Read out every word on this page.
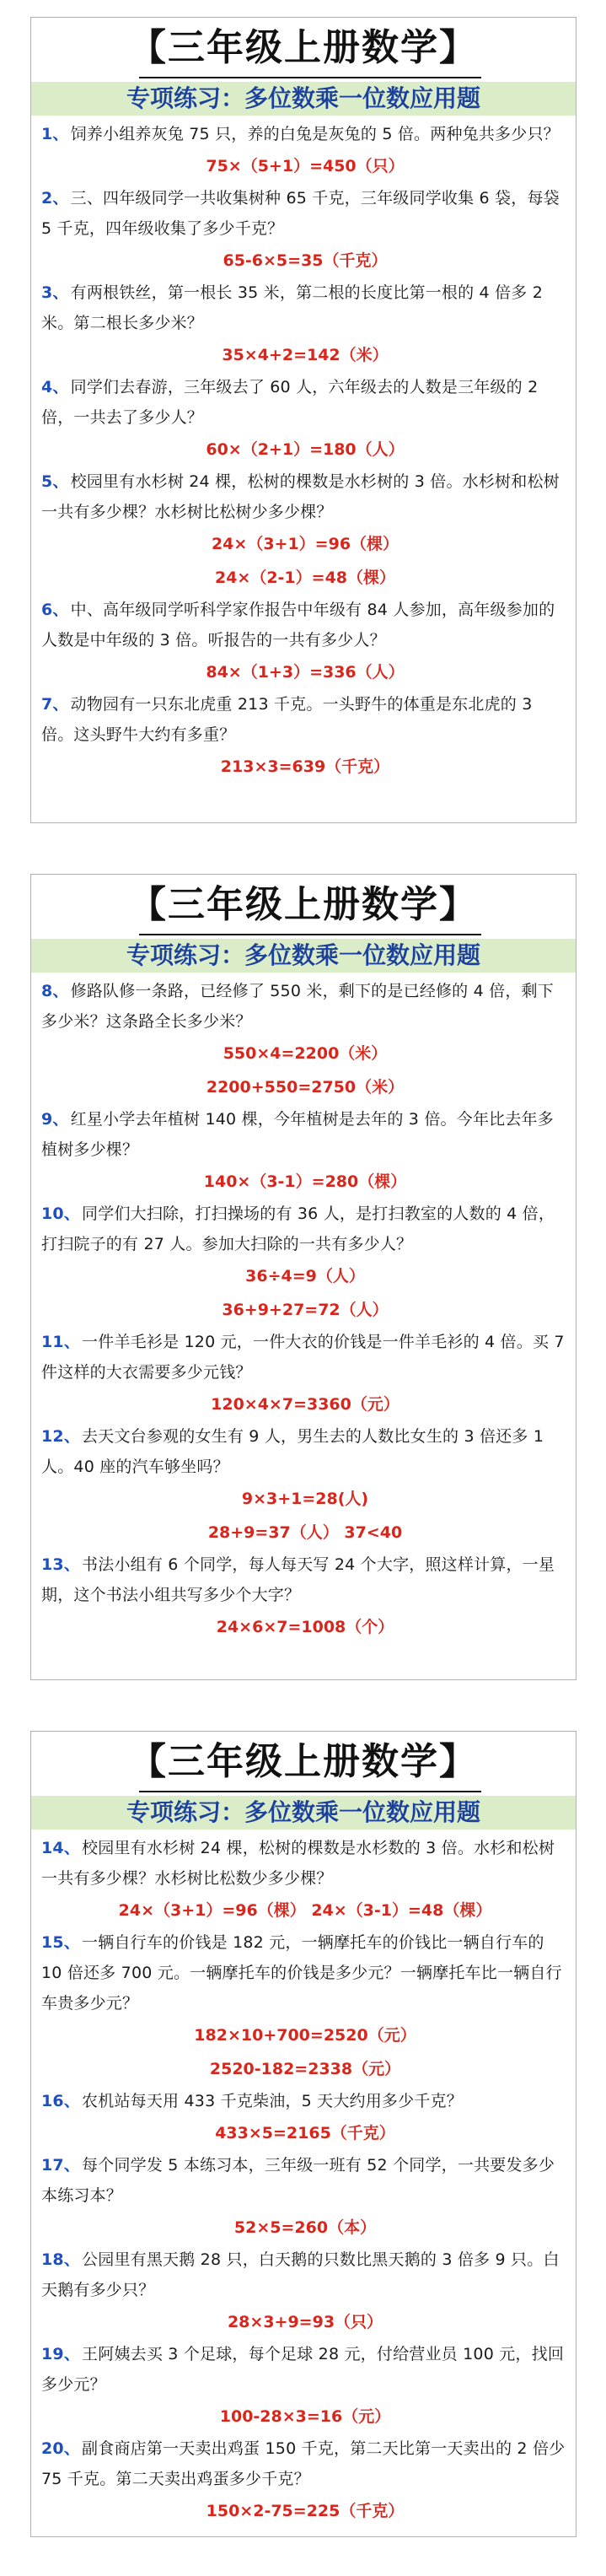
【三年级上册数学】
专项练习：多位数乘一位数应用题

1、 饲养小组养灰兔 75 只，养的白兔是灰兔的 5 倍。两种兔共多少只？

75×（5+1）=450（只）

2、 三、四年级同学一共收集树种 65 千克，三年级同学收集 6 袋，每袋 5 千克，四年级收集了多少千克？

65-6×5=35（千克）

3、 有两根铁丝，第一根长 35 米，第二根的长度比第一根的 4 倍多 2 米。第二根长多少米？

35×4+2=142（米）

4、 同学们去春游，三年级去了 60 人，六年级去的人数是三年级的 2 倍，一共去了多少人？

60×（2+1）=180（人）

5、 校园里有水杉树 24 棵，松树的棵数是水杉树的 3 倍。水杉树和松树一共有多少棵？水杉树比松树少多少棵？

24×（3+1）=96（棵）

24×（2-1）=48（棵）

6、 中、高年级同学听科学家作报告中年级有 84 人参加，高年级参加的人数是中年级的 3 倍。听报告的一共有多少人？

84×（1+3）=336（人）

7、 动物园有一只东北虎重 213 千克。一头野牛的体重是东北虎的 3 倍。这头野牛大约有多重？

213×3=639（千克）

【三年级上册数学】
专项练习：多位数乘一位数应用题

8、 修路队修一条路，已经修了 550 米，剩下的是已经修的 4 倍，剩下多少米？这条路全长多少米？

550×4=2200（米）

2200+550=2750（米）

9、 红星小学去年植树 140 棵，今年植树是去年的 3 倍。今年比去年多植树多少棵？

140×（3-1）=280（棵）

10、 同学们大扫除，打扫操场的有 36 人，是打扫教室的人数的 4 倍，打扫院子的有 27 人。参加大扫除的一共有多少人？

36÷4=9（人）

36+9+27=72（人）

11、 一件羊毛衫是 120 元，一件大衣的价钱是一件羊毛衫的 4 倍。买 7 件这样的大衣需要多少元钱？

120×4×7=3360（元）

12、 去天文台参观的女生有 9 人，男生去的人数比女生的 3 倍还多 1 人。40 座的汽车够坐吗？

9×3+1=28(人)

28+9=37（人） 37<40

13、 书法小组有 6 个同学，每人每天写 24 个大字，照这样计算，一星期，这个书法小组共写多少个大字？

24×6×7=1008（个）

【三年级上册数学】
专项练习：多位数乘一位数应用题

14、 校园里有水杉树 24 棵，松树的棵数是水杉数的 3 倍。水杉和松树一共有多少棵？水杉树比松数少多少棵？

24×（3+1）=96（棵） 24×（3-1）=48（棵）

15、 一辆自行车的价钱是 182 元，一辆摩托车的价钱比一辆自行车的 10 倍还多 700 元。一辆摩托车的价钱是多少元？一辆摩托车比一辆自行车贵多少元？

182×10+700=2520（元）

2520-182=2338（元）

16、 农机站每天用 433 千克柴油，5 天大约用多少千克？

433×5=2165（千克）

17、 每个同学发 5 本练习本，三年级一班有 52 个同学，一共要发多少本练习本？

52×5=260（本）

18、 公园里有黑天鹅 28 只，白天鹅的只数比黑天鹅的 3 倍多 9 只。白天鹅有多少只？

28×3+9=93（只）

19、 王阿姨去买 3 个足球，每个足球 28 元，付给营业员 100 元，找回多少元？

100-28×3=16（元）

20、 副食商店第一天卖出鸡蛋 150 千克，第二天比第一天卖出的 2 倍少 75 千克。第二天卖出鸡蛋多少千克？

150×2-75=225（千克）
